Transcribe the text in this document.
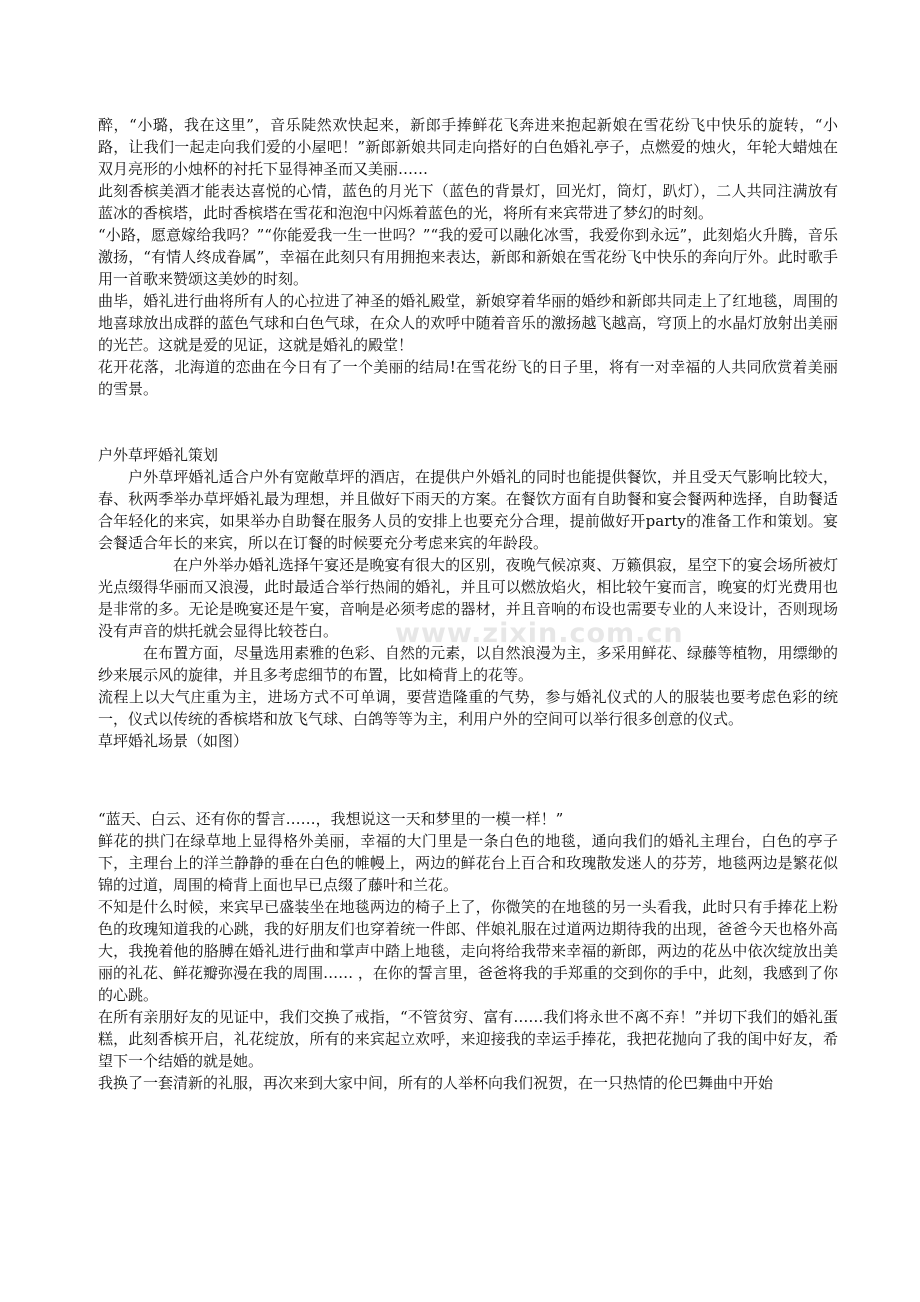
醉，“小璐，我在这里”，音乐陡然欢快起来，新郎手捧鲜花飞奔进来抱起新娘在雪花纷飞中快乐的旋转，“小路，让我们一起走向我们爱的小屋吧！”新郎新娘共同走向搭好的白色婚礼亭子，点燃爱的烛火，年轮大蜡烛在双月亮形的小烛杯的衬托下显得神圣而又美丽……

此刻香槟美酒才能表达喜悦的心情，蓝色的月光下（蓝色的背景灯，回光灯，筒灯，趴灯），二人共同注满放有蓝冰的香槟塔，此时香槟塔在雪花和泡泡中闪烁着蓝色的光，将所有来宾带进了梦幻的时刻。

“小路，愿意嫁给我吗？”“你能爱我一生一世吗？”“我的爱可以融化冰雪，我爱你到永远”，此刻焰火升腾，音乐激扬，“有情人终成眷属”，幸福在此刻只有用拥抱来表达，新郎和新娘在雪花纷飞中快乐的奔向厅外。此时歌手用一首歌来赞颂这美妙的时刻。

曲毕，婚礼进行曲将所有人的心拉进了神圣的婚礼殿堂，新娘穿着华丽的婚纱和新郎共同走上了红地毯，周围的地喜球放出成群的蓝色气球和白色气球，在众人的欢呼中随着音乐的激扬越飞越高，穹顶上的水晶灯放射出美丽的光芒。这就是爱的见证，这就是婚礼的殿堂！

花开花落，北海道的恋曲在今日有了一个美丽的结局!在雪花纷飞的日子里，将有一对幸福的人共同欣赏着美丽的雪景。

户外草坪婚礼策划

户外草坪婚礼适合户外有宽敞草坪的酒店，在提供户外婚礼的同时也能提供餐饮，并且受天气影响比较大，春、秋两季举办草坪婚礼最为理想，并且做好下雨天的方案。在餐饮方面有自助餐和宴会餐两种选择，自助餐适合年轻化的来宾，如果举办自助餐在服务人员的安排上也要充分合理，提前做好开party的准备工作和策划。宴会餐适合年长的来宾，所以在订餐的时候要充分考虑来宾的年龄段。

在户外举办婚礼选择午宴还是晚宴有很大的区别，夜晚气候凉爽、万籁俱寂，星空下的宴会场所被灯光点缀得华丽而又浪漫，此时最适合举行热闹的婚礼，并且可以燃放焰火，相比较午宴而言，晚宴的灯光费用也是非常的多。无论是晚宴还是午宴，音响是必须考虑的器材，并且音响的布设也需要专业的人来设计，否则现场没有声音的烘托就会显得比较苍白。

在布置方面，尽量选用素雅的色彩、自然的元素，以自然浪漫为主，多采用鲜花、绿藤等植物，用缥缈的纱来展示风的旋律，并且多考虑细节的布置，比如椅背上的花等。

流程上以大气庄重为主，进场方式不可单调，要营造隆重的气势，参与婚礼仪式的人的服装也要考虑色彩的统一，仪式以传统的香槟塔和放飞气球、白鸽等等为主，利用户外的空间可以举行很多创意的仪式。

草坪婚礼场景（如图）

“蓝天、白云、还有你的誓言……，我想说这一天和梦里的一模一样！”

鲜花的拱门在绿草地上显得格外美丽，幸福的大门里是一条白色的地毯，通向我们的婚礼主理台，白色的亭子下，主理台上的洋兰静静的垂在白色的帷幔上，两边的鲜花台上百合和玫瑰散发迷人的芬芳，地毯两边是繁花似锦的过道，周围的椅背上面也早已点缀了藤叶和兰花。

不知是什么时候，来宾早已盛装坐在地毯两边的椅子上了，你微笑的在地毯的另一头看我，此时只有手捧花上粉色的玫瑰知道我的心跳，我的好朋友们也穿着统一件郎、伴娘礼服在过道两边期待我的出现，爸爸今天也格外高大，我挽着他的胳膊在婚礼进行曲和掌声中踏上地毯，走向将给我带来幸福的新郎，两边的花丛中依次绽放出美丽的礼花、鲜花瓣弥漫在我的周围…… ，在你的誓言里，爸爸将我的手郑重的交到你的手中，此刻，我感到了你的心跳。

在所有亲朋好友的见证中，我们交换了戒指，“不管贫穷、富有……我们将永世不离不弃！”并切下我们的婚礼蛋糕，此刻香槟开启，礼花绽放，所有的来宾起立欢呼，来迎接我的幸运手捧花，我把花抛向了我的闺中好友，希望下一个结婚的就是她。

我换了一套清新的礼服，再次来到大家中间，所有的人举杯向我们祝贺，在一只热情的伦巴舞曲中开始

www.zixin.com.cn
